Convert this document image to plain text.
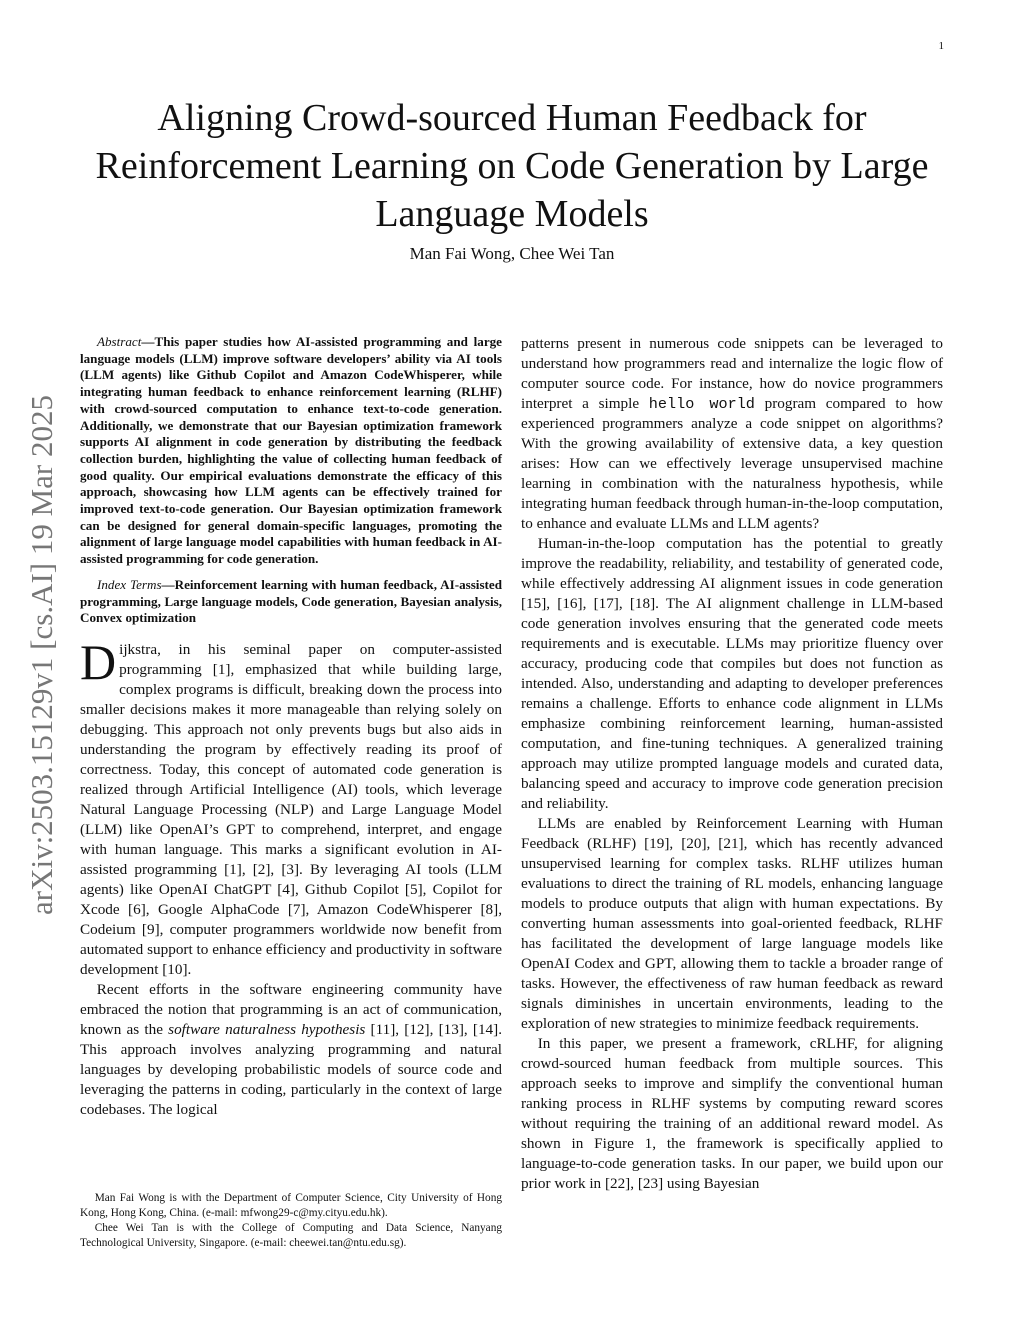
1
arXiv:2503.15129v1 [cs.AI] 19 Mar 2025
Aligning Crowd-sourced Human Feedback for Reinforcement Learning on Code Generation by Large Language Models
Man Fai Wong, Chee Wei Tan

Abstract—This paper studies how AI-assisted programming and large language models (LLM) improve software developers’ ability via AI tools (LLM agents) like Github Copilot and Amazon CodeWhisperer, while integrating human feedback to enhance reinforcement learning (RLHF) with crowd-sourced computation to enhance text-to-code generation. Additionally, we demonstrate that our Bayesian optimization framework supports AI alignment in code generation by distributing the feedback collection burden, highlighting the value of collecting human feedback of good quality. Our empirical evaluations demonstrate the efficacy of this approach, showcasing how LLM agents can be effectively trained for improved text-to-code generation. Our Bayesian optimization framework can be designed for general domain-specific languages, promoting the alignment of large language model capabilities with human feedback in AI-assisted programming for code generation.

Index Terms—Reinforcement learning with human feedback, AI-assisted programming, Large language models, Code generation, Bayesian analysis, Convex optimization

Dijkstra, in his seminal paper on computer-assisted programming [1], emphasized that while building large, complex programs is difficult, breaking down the process into smaller decisions makes it more manageable than relying solely on debugging. This approach not only prevents bugs but also aids in understanding the program by effectively reading its proof of correctness. Today, this concept of automated code generation is realized through Artificial Intelligence (AI) tools, which leverage Natural Language Processing (NLP) and Large Language Model (LLM) like OpenAI’s GPT to comprehend, interpret, and engage with human language. This marks a significant evolution in AI-assisted programming [1], [2], [3]. By leveraging AI tools (LLM agents) like OpenAI ChatGPT [4], Github Copilot [5], Copilot for Xcode [6], Google AlphaCode [7], Amazon CodeWhisperer [8], Codeium [9], computer programmers worldwide now benefit from automated support to enhance efficiency and productivity in software development [10].

Recent efforts in the software engineering community have embraced the notion that programming is an act of communication, known as the software naturalness hypothesis [11], [12], [13], [14]. This approach involves analyzing programming and natural languages by developing probabilistic models of source code and leveraging the patterns in coding, particularly in the context of large codebases. The logical

patterns present in numerous code snippets can be leveraged to understand how programmers read and internalize the logic flow of computer source code. For instance, how do novice programmers interpret a simple hello world program compared to how experienced programmers analyze a code snippet on algorithms? With the growing availability of extensive data, a key question arises: How can we effectively leverage unsupervised machine learning in combination with the naturalness hypothesis, while integrating human feedback through human-in-the-loop computation, to enhance and evaluate LLMs and LLM agents?

Human-in-the-loop computation has the potential to greatly improve the readability, reliability, and testability of generated code, while effectively addressing AI alignment issues in code generation [15], [16], [17], [18]. The AI alignment challenge in LLM-based code generation involves ensuring that the generated code meets requirements and is executable. LLMs may prioritize fluency over accuracy, producing code that compiles but does not function as intended. Also, understanding and adapting to developer preferences remains a challenge. Efforts to enhance code alignment in LLMs emphasize combining reinforcement learning, human-assisted computation, and fine-tuning techniques. A generalized training approach may utilize prompted language models and curated data, balancing speed and accuracy to improve code generation precision and reliability.

LLMs are enabled by Reinforcement Learning with Human Feedback (RLHF) [19], [20], [21], which has recently advanced unsupervised learning for complex tasks. RLHF utilizes human evaluations to direct the training of RL models, enhancing language models to produce outputs that align with human expectations. By converting human assessments into goal-oriented feedback, RLHF has facilitated the development of large language models like OpenAI Codex and GPT, allowing them to tackle a broader range of tasks. However, the effectiveness of raw human feedback as reward signals diminishes in uncertain environments, leading to the exploration of new strategies to minimize feedback requirements.

In this paper, we present a framework, cRLHF, for aligning crowd-sourced human feedback from multiple sources. This approach seeks to improve and simplify the conventional human ranking process in RLHF systems by computing reward scores without requiring the training of an additional reward model. As shown in Figure 1, the framework is specifically applied to language-to-code generation tasks. In our paper, we build upon our prior work in [22], [23] using Bayesian

Man Fai Wong is with the Department of Computer Science, City University of Hong Kong, Hong Kong, China. (e-mail: mfwong29-c@my.cityu.edu.hk).

Chee Wei Tan is with the College of Computing and Data Science, Nanyang Technological University, Singapore. (e-mail: cheewei.tan@ntu.edu.sg).
